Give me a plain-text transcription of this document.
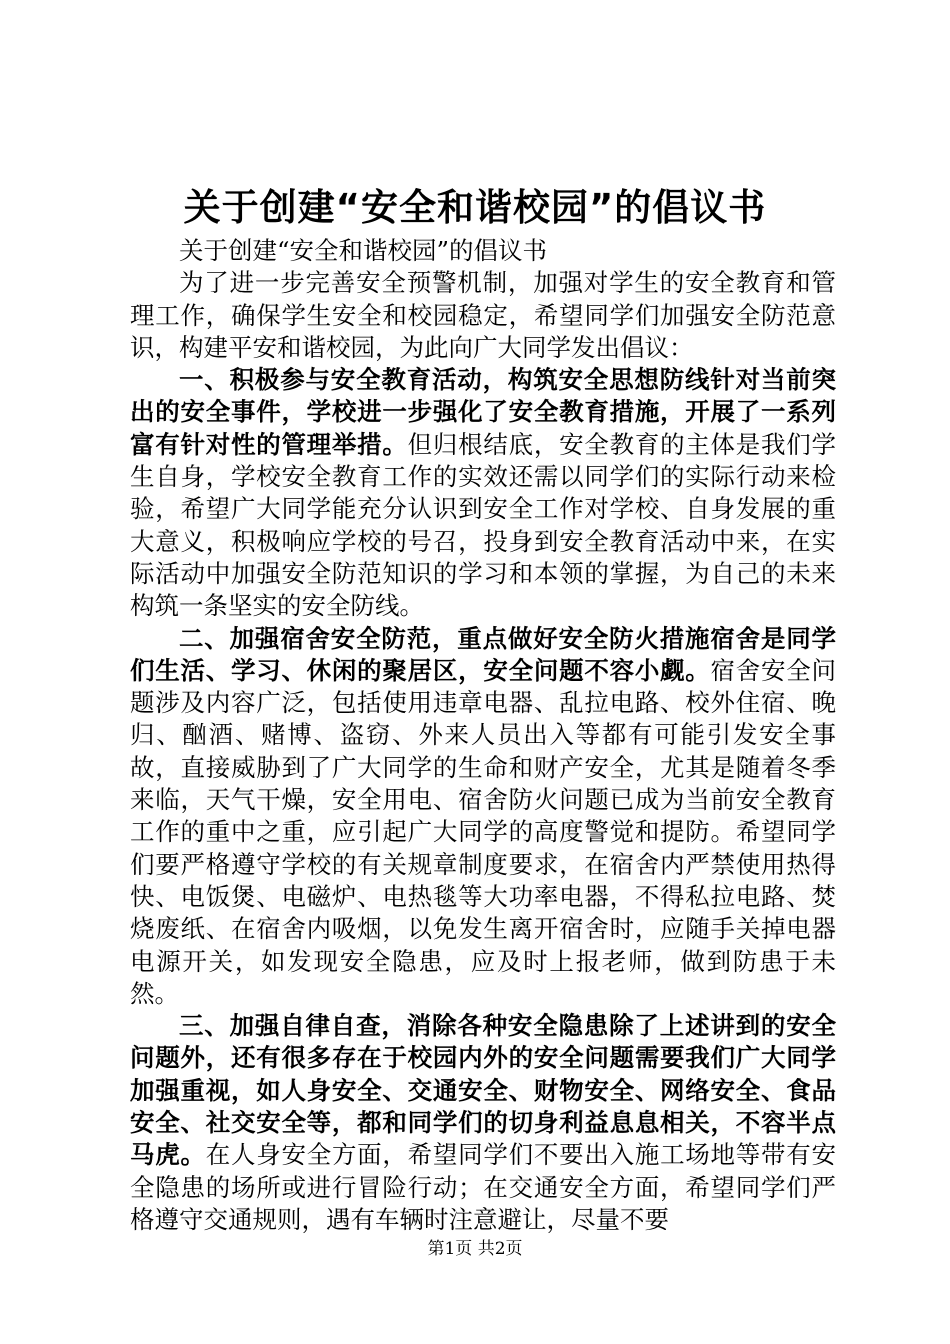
关于创建“安全和谐校园”的倡议书

关于创建“安全和谐校园”的倡议书

为了进一步完善安全预警机制，加强对学生的安全教育和管理工作，确保学生安全和校园稳定，希望同学们加强安全防范意识，构建平安和谐校园，为此向广大同学发出倡议：

一、积极参与安全教育活动，构筑安全思想防线针对当前突出的安全事件，学校进一步强化了安全教育措施，开展了一系列富有针对性的管理举措。但归根结底，安全教育的主体是我们学生自身，学校安全教育工作的实效还需以同学们的实际行动来检验，希望广大同学能充分认识到安全工作对学校、自身发展的重大意义，积极响应学校的号召，投身到安全教育活动中来，在实际活动中加强安全防范知识的学习和本领的掌握，为自己的未来构筑一条坚实的安全防线。

二、加强宿舍安全防范，重点做好安全防火措施宿舍是同学们生活、学习、休闲的聚居区，安全问题不容小觑。宿舍安全问题涉及内容广泛，包括使用违章电器、乱拉电路、校外住宿、晚归、酗酒、赌博、盗窃、外来人员出入等都有可能引发安全事故，直接威胁到了广大同学的生命和财产安全，尤其是随着冬季来临，天气干燥，安全用电、宿舍防火问题已成为当前安全教育工作的重中之重，应引起广大同学的高度警觉和提防。希望同学们要严格遵守学校的有关规章制度要求，在宿舍内严禁使用热得快、电饭煲、电磁炉、电热毯等大功率电器，不得私拉电路、焚烧废纸、在宿舍内吸烟，以免发生离开宿舍时，应随手关掉电器电源开关，如发现安全隐患，应及时上报老师，做到防患于未然。

三、加强自律自查，消除各种安全隐患除了上述讲到的安全问题外，还有很多存在于校园内外的安全问题需要我们广大同学加强重视，如人身安全、交通安全、财物安全、网络安全、食品安全、社交安全等，都和同学们的切身利益息息相关，不容半点马虎。在人身安全方面，希望同学们不要出入施工场地等带有安全隐患的场所或进行冒险行动；在交通安全方面，希望同学们严格遵守交通规则，遇有车辆时注意避让，尽量不要

第1页 共2页
